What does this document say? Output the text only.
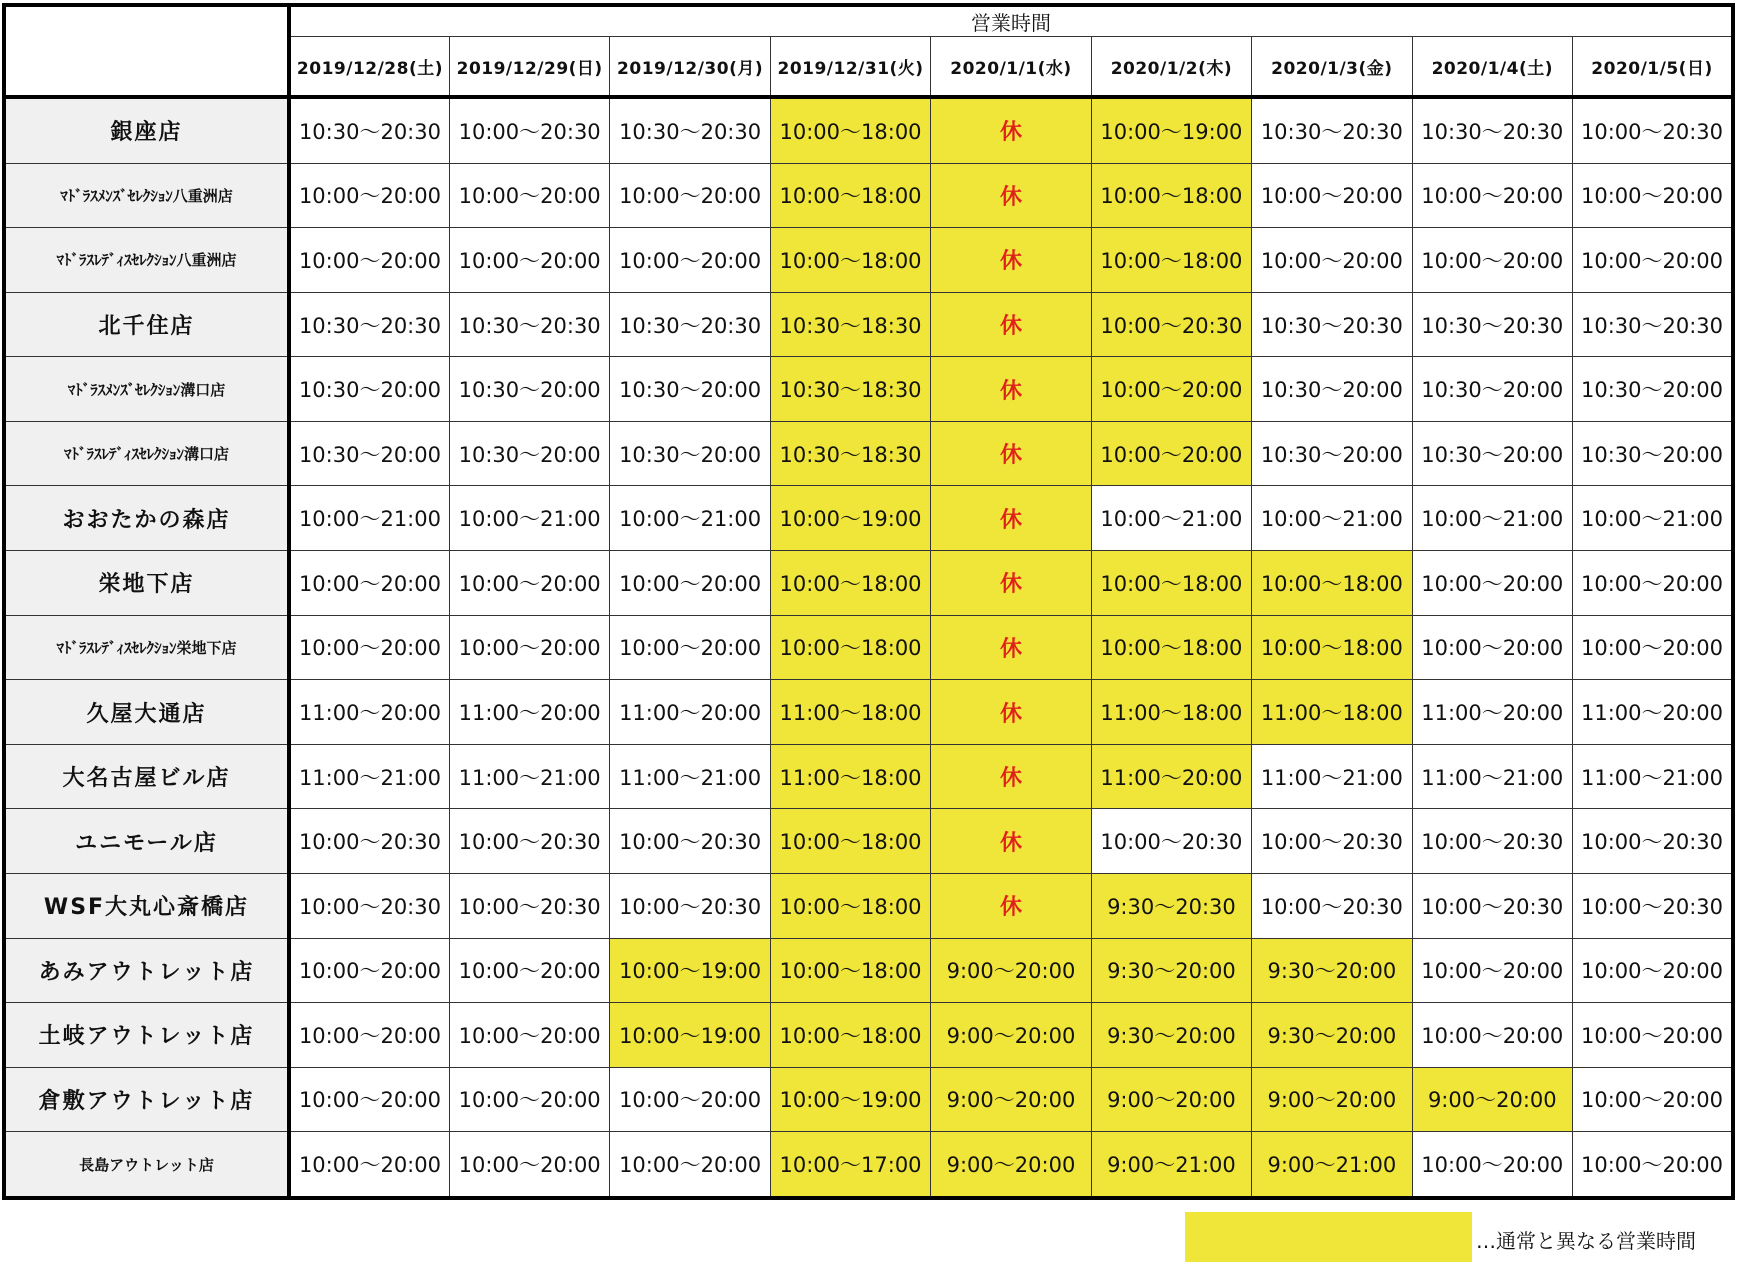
	営業時間								
	2019/12/28(土)	2019/12/29(日)	2019/12/30(月)	2019/12/31(火)	2020/1/1(水)	2020/1/2(木)	2020/1/3(金)	2020/1/4(土)	2020/1/5(日)
銀座店	10:30～20:30	10:00～20:30	10:30～20:30	10:00～18:00	休	10:00～19:00	10:30～20:30	10:30～20:30	10:00～20:30
ﾏﾄﾞﾗｽﾒﾝｽﾞｾﾚｸｼｮﾝ八重洲店	10:00～20:00	10:00～20:00	10:00～20:00	10:00～18:00	休	10:00～18:00	10:00～20:00	10:00～20:00	10:00～20:00
ﾏﾄﾞﾗｽﾚﾃﾞｨｽｾﾚｸｼｮﾝ八重洲店	10:00～20:00	10:00～20:00	10:00～20:00	10:00～18:00	休	10:00～18:00	10:00～20:00	10:00～20:00	10:00～20:00
北千住店	10:30～20:30	10:30～20:30	10:30～20:30	10:30～18:30	休	10:00～20:30	10:30～20:30	10:30～20:30	10:30～20:30
ﾏﾄﾞﾗｽﾒﾝｽﾞｾﾚｸｼｮﾝ溝口店	10:30～20:00	10:30～20:00	10:30～20:00	10:30～18:30	休	10:00～20:00	10:30～20:00	10:30～20:00	10:30～20:00
ﾏﾄﾞﾗｽﾚﾃﾞｨｽｾﾚｸｼｮﾝ溝口店	10:30～20:00	10:30～20:00	10:30～20:00	10:30～18:30	休	10:00～20:00	10:30～20:00	10:30～20:00	10:30～20:00
おおたかの森店	10:00～21:00	10:00～21:00	10:00～21:00	10:00～19:00	休	10:00～21:00	10:00～21:00	10:00～21:00	10:00～21:00
栄地下店	10:00～20:00	10:00～20:00	10:00～20:00	10:00～18:00	休	10:00～18:00	10:00～18:00	10:00～20:00	10:00～20:00
ﾏﾄﾞﾗｽﾚﾃﾞｨｽｾﾚｸｼｮﾝ栄地下店	10:00～20:00	10:00～20:00	10:00～20:00	10:00～18:00	休	10:00～18:00	10:00～18:00	10:00～20:00	10:00～20:00
久屋大通店	11:00～20:00	11:00～20:00	11:00～20:00	11:00～18:00	休	11:00～18:00	11:00～18:00	11:00～20:00	11:00～20:00
大名古屋ビル店	11:00～21:00	11:00～21:00	11:00～21:00	11:00～18:00	休	11:00～20:00	11:00～21:00	11:00～21:00	11:00～21:00
ユニモール店	10:00～20:30	10:00～20:30	10:00～20:30	10:00～18:00	休	10:00～20:30	10:00～20:30	10:00～20:30	10:00～20:30
WSF大丸心斎橋店	10:00～20:30	10:00～20:30	10:00～20:30	10:00～18:00	休	9:30～20:30	10:00～20:30	10:00～20:30	10:00～20:30
あみアウトレット店	10:00～20:00	10:00～20:00	10:00～19:00	10:00～18:00	9:00～20:00	9:30～20:00	9:30～20:00	10:00～20:00	10:00～20:00
土岐アウトレット店	10:00～20:00	10:00～20:00	10:00～19:00	10:00～18:00	9:00～20:00	9:30～20:00	9:30～20:00	10:00～20:00	10:00～20:00
倉敷アウトレット店	10:00～20:00	10:00～20:00	10:00～20:00	10:00～19:00	9:00～20:00	9:00～20:00	9:00～20:00	9:00～20:00	10:00～20:00
長島アウトレット店	10:00～20:00	10:00～20:00	10:00～20:00	10:00～17:00	9:00～20:00	9:00～21:00	9:00～21:00	10:00～20:00	10:00～20:00
…通常と異なる営業時間
